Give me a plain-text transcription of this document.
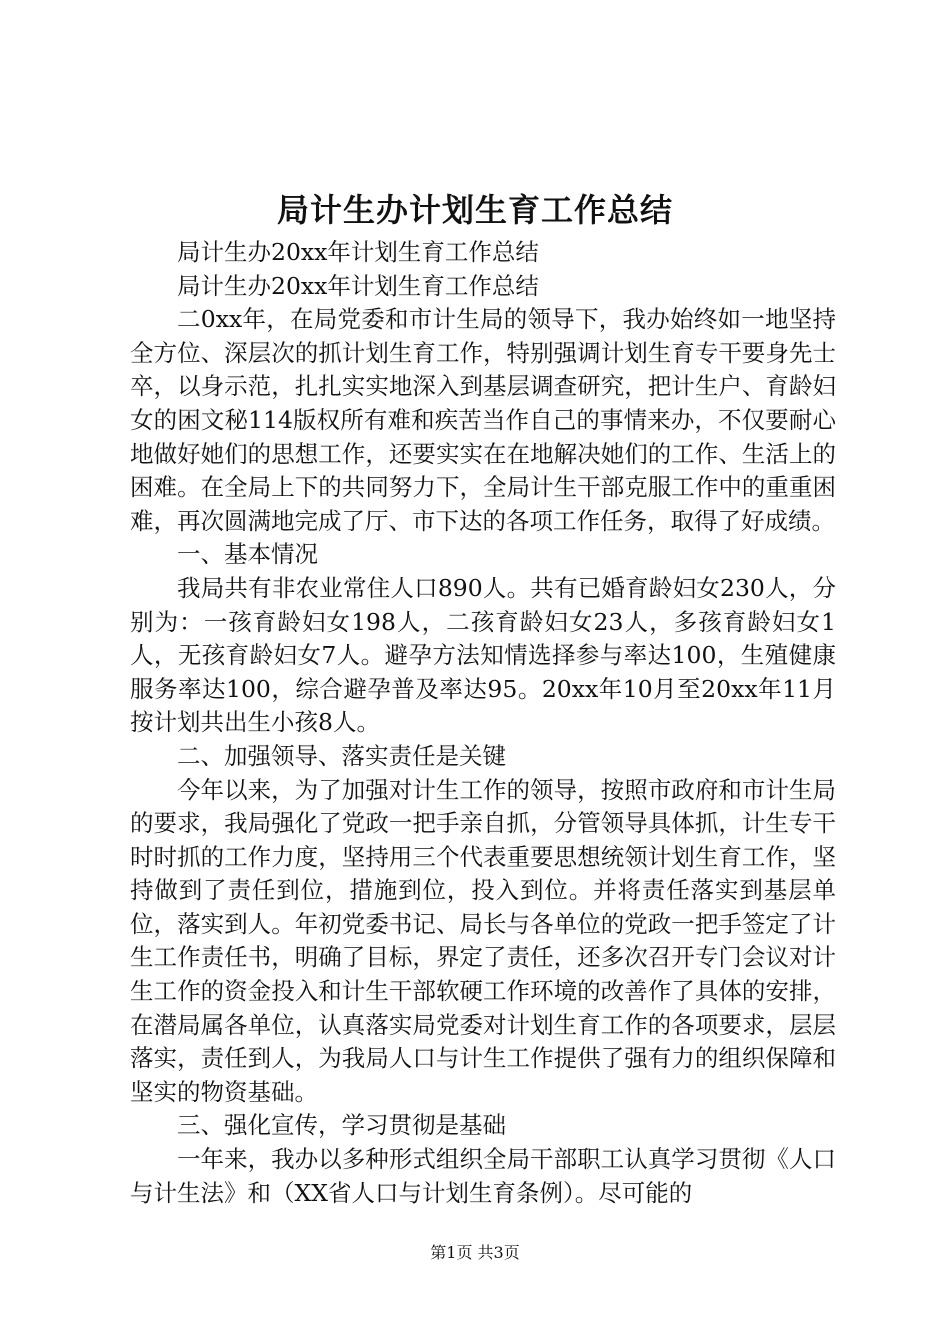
局计生办计划生育工作总结

局计生办20xx年计划生育工作总结

局计生办20xx年计划生育工作总结

二0xx年，在局党委和市计生局的领导下，我办始终如一地坚持全方位、深层次的抓计划生育工作，特别强调计划生育专干要身先士卒，以身示范，扎扎实实地深入到基层调查研究，把计生户、育龄妇女的困文秘114版权所有难和疾苦当作自己的事情来办，不仅要耐心地做好她们的思想工作，还要实实在在地解决她们的工作、生活上的困难。在全局上下的共同努力下，全局计生干部克服工作中的重重困难，再次圆满地完成了厅、市下达的各项工作任务，取得了好成绩。

一、基本情况

我局共有非农业常住人口890人。共有已婚育龄妇女230人，分别为：一孩育龄妇女198人，二孩育龄妇女23人，多孩育龄妇女1人，无孩育龄妇女7人。避孕方法知情选择参与率达100，生殖健康服务率达100，综合避孕普及率达95。20xx年10月至20xx年11月按计划共出生小孩8人。

二、加强领导、落实责任是关键

今年以来，为了加强对计生工作的领导，按照市政府和市计生局的要求，我局强化了党政一把手亲自抓，分管领导具体抓，计生专干时时抓的工作力度，坚持用三个代表重要思想统领计划生育工作，坚持做到了责任到位，措施到位，投入到位。并将责任落实到基层单位，落实到人。年初党委书记、局长与各单位的党政一把手签定了计生工作责任书，明确了目标，界定了责任，还多次召开专门会议对计生工作的资金投入和计生干部软硬工作环境的改善作了具体的安排，在潜局属各单位，认真落实局党委对计划生育工作的各项要求，层层落实，责任到人，为我局人口与计生工作提供了强有力的组织保障和坚实的物资基础。

三、强化宣传，学习贯彻是基础

一年来，我办以多种形式组织全局干部职工认真学习贯彻《人口与计生法》和（XX省人口与计划生育条例）。尽可能的

第1页 共3页
